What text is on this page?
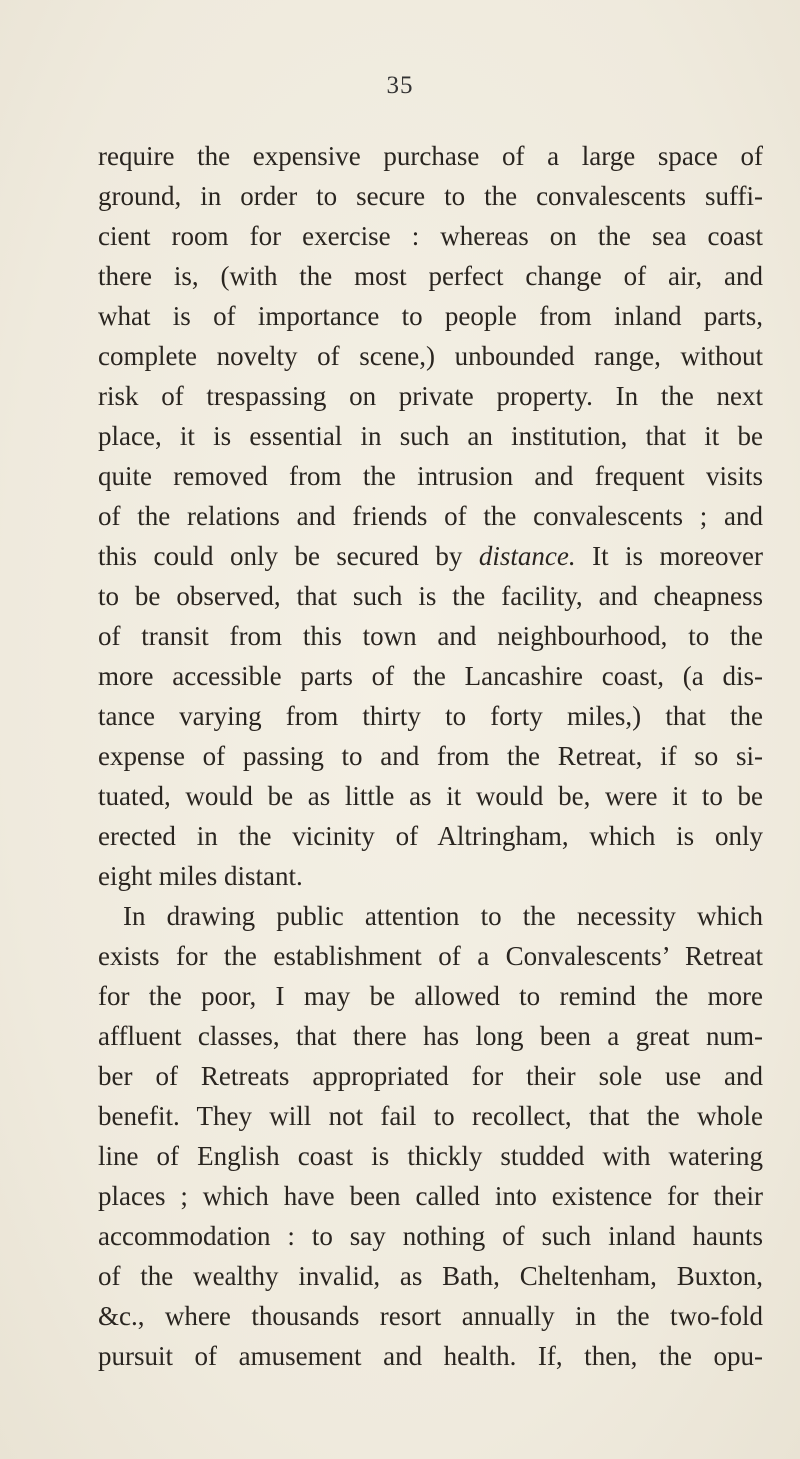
35
require the expensive purchase of a large space of
ground, in order to secure to the convalescents suffi-
cient room for exercise : whereas on the sea coast
there is, (with the most perfect change of air, and
what is of importance to people from inland parts,
complete novelty of scene,) unbounded range, without
risk of trespassing on private property. In the next
place, it is essential in such an institution, that it be
quite removed from the intrusion and frequent visits
of the relations and friends of the convalescents ; and
this could only be secured by distance. It is moreover
to be observed, that such is the facility, and cheapness
of transit from this town and neighbourhood, to the
more accessible parts of the Lancashire coast, (a dis-
tance varying from thirty to forty miles,) that the
expense of passing to and from the Retreat, if so si-
tuated, would be as little as it would be, were it to be
erected in the vicinity of Altringham, which is only
eight miles distant.
In drawing public attention to the necessity which
exists for the establishment of a Convalescents’ Retreat
for the poor, I may be allowed to remind the more
affluent classes, that there has long been a great num-
ber of Retreats appropriated for their sole use and
benefit. They will not fail to recollect, that the whole
line of English coast is thickly studded with watering
places ; which have been called into existence for their
accommodation : to say nothing of such inland haunts
of the wealthy invalid, as Bath, Cheltenham, Buxton,
&c., where thousands resort annually in the two-fold
pursuit of amusement and health. If, then, the opu-
